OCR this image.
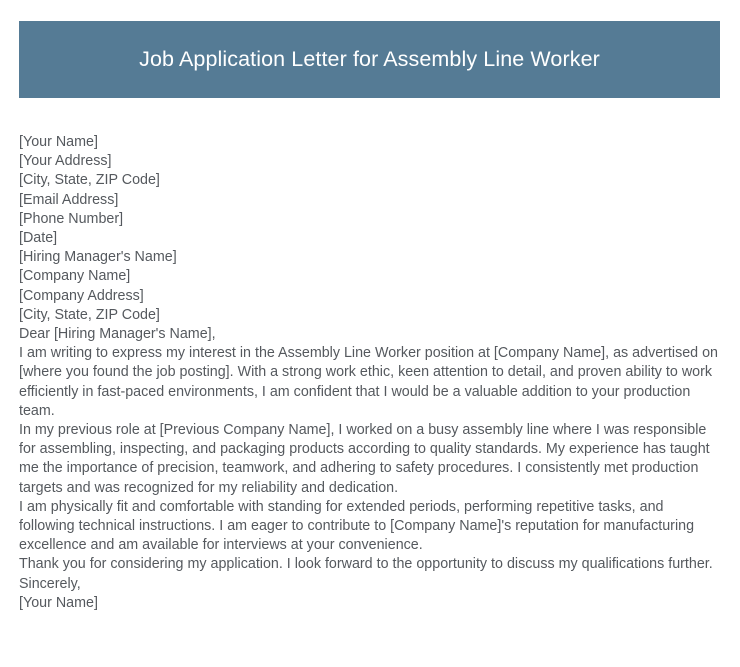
Job Application Letter for Assembly Line Worker
[Your Name]
[Your Address]
[City, State, ZIP Code]
[Email Address]
[Phone Number]
[Date]
[Hiring Manager's Name]
[Company Name]
[Company Address]
[City, State, ZIP Code]
Dear [Hiring Manager's Name],

I am writing to express my interest in the Assembly Line Worker position at [Company Name], as advertised on [where you found the job posting]. With a strong work ethic, keen attention to detail, and proven ability to work efficiently in fast-paced environments, I am confident that I would be a valuable addition to your production team.

In my previous role at [Previous Company Name], I worked on a busy assembly line where I was responsible for assembling, inspecting, and packaging products according to quality standards. My experience has taught me the importance of precision, teamwork, and adhering to safety procedures. I consistently met production targets and was recognized for my reliability and dedication.

I am physically fit and comfortable with standing for extended periods, performing repetitive tasks, and following technical instructions. I am eager to contribute to [Company Name]'s reputation for manufacturing excellence and am available for interviews at your convenience.

Thank you for considering my application. I look forward to the opportunity to discuss my qualifications further.

Sincerely,
[Your Name]
